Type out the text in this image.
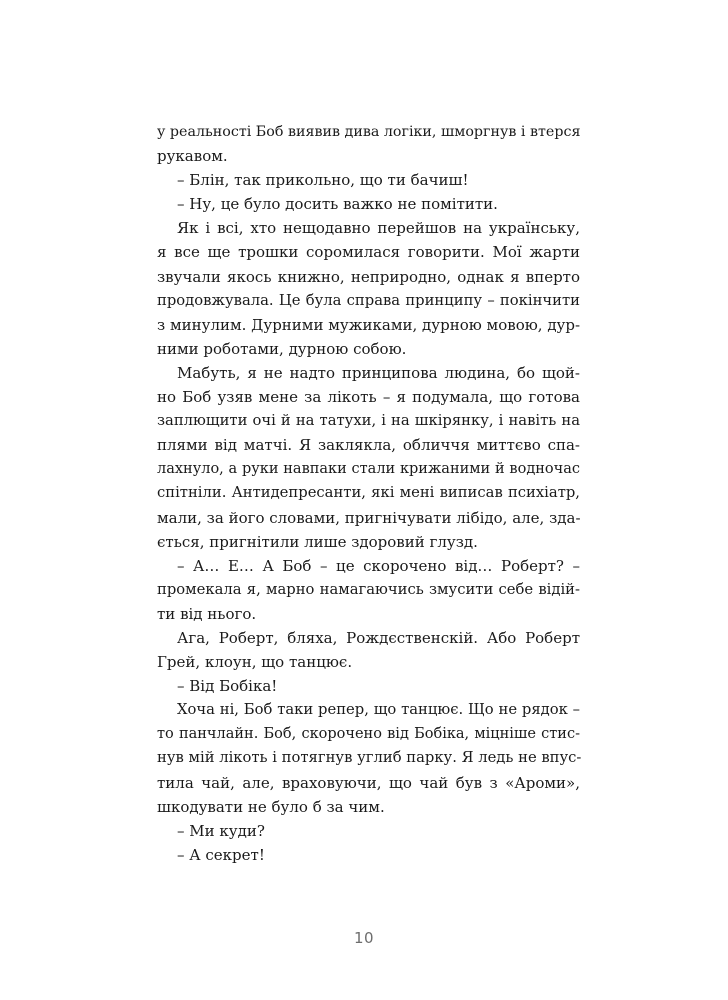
у реальності Боб виявив дива логіки, шморгнув і втерся
рукавом.
– Блін, так прикольно, що ти бачиш!
– Ну, це було досить важко не помітити.
Як і всі, хто нещодавно перейшов на українську,
я все ще трошки соромилася говорити. Мої жарти
звучали якось книжно, неприродно, однак я вперто
продовжувала. Це була справа принципу – покінчити
з минулим. Дурними мужиками, дурною мовою, дур-
ними роботами, дурною собою.
Мабуть, я не надто принципова людина, бо щой-
но Боб узяв мене за лікоть – я подумала, що готова
заплющити очі й на татухи, і на шкірянку, і навіть на
плями від матчі. Я заклякла, обличчя миттєво спа-
лахнуло, а руки навпаки стали крижаними й водночас
спітніли. Антидепресанти, які мені виписав психіатр,
мали, за його словами, пригнічувати лібідо, але, здa-
ється, пригнітили лише здоровий глузд.
– А… Е… А Боб – це скорочено від… Роберт? –
промекала я, марно намагаючись змусити себе відій-
ти від нього.
Ага, Роберт, бляха, Рождєственскій. Або Роберт
Грей, клоун, що танцює.
– Від Бобіка!
Хоча ні, Боб таки репер, що танцює. Що не рядок –
то панчлайн. Боб, скорочено від Бобіка, міцніше стис-
нув мій лікоть і потягнув углиб парку. Я ледь не впус-
тила чай, але, враховуючи, що чай був з «Ароми»,
шкодувати не було б за чим.
– Ми куди?
– А секрет!
10
